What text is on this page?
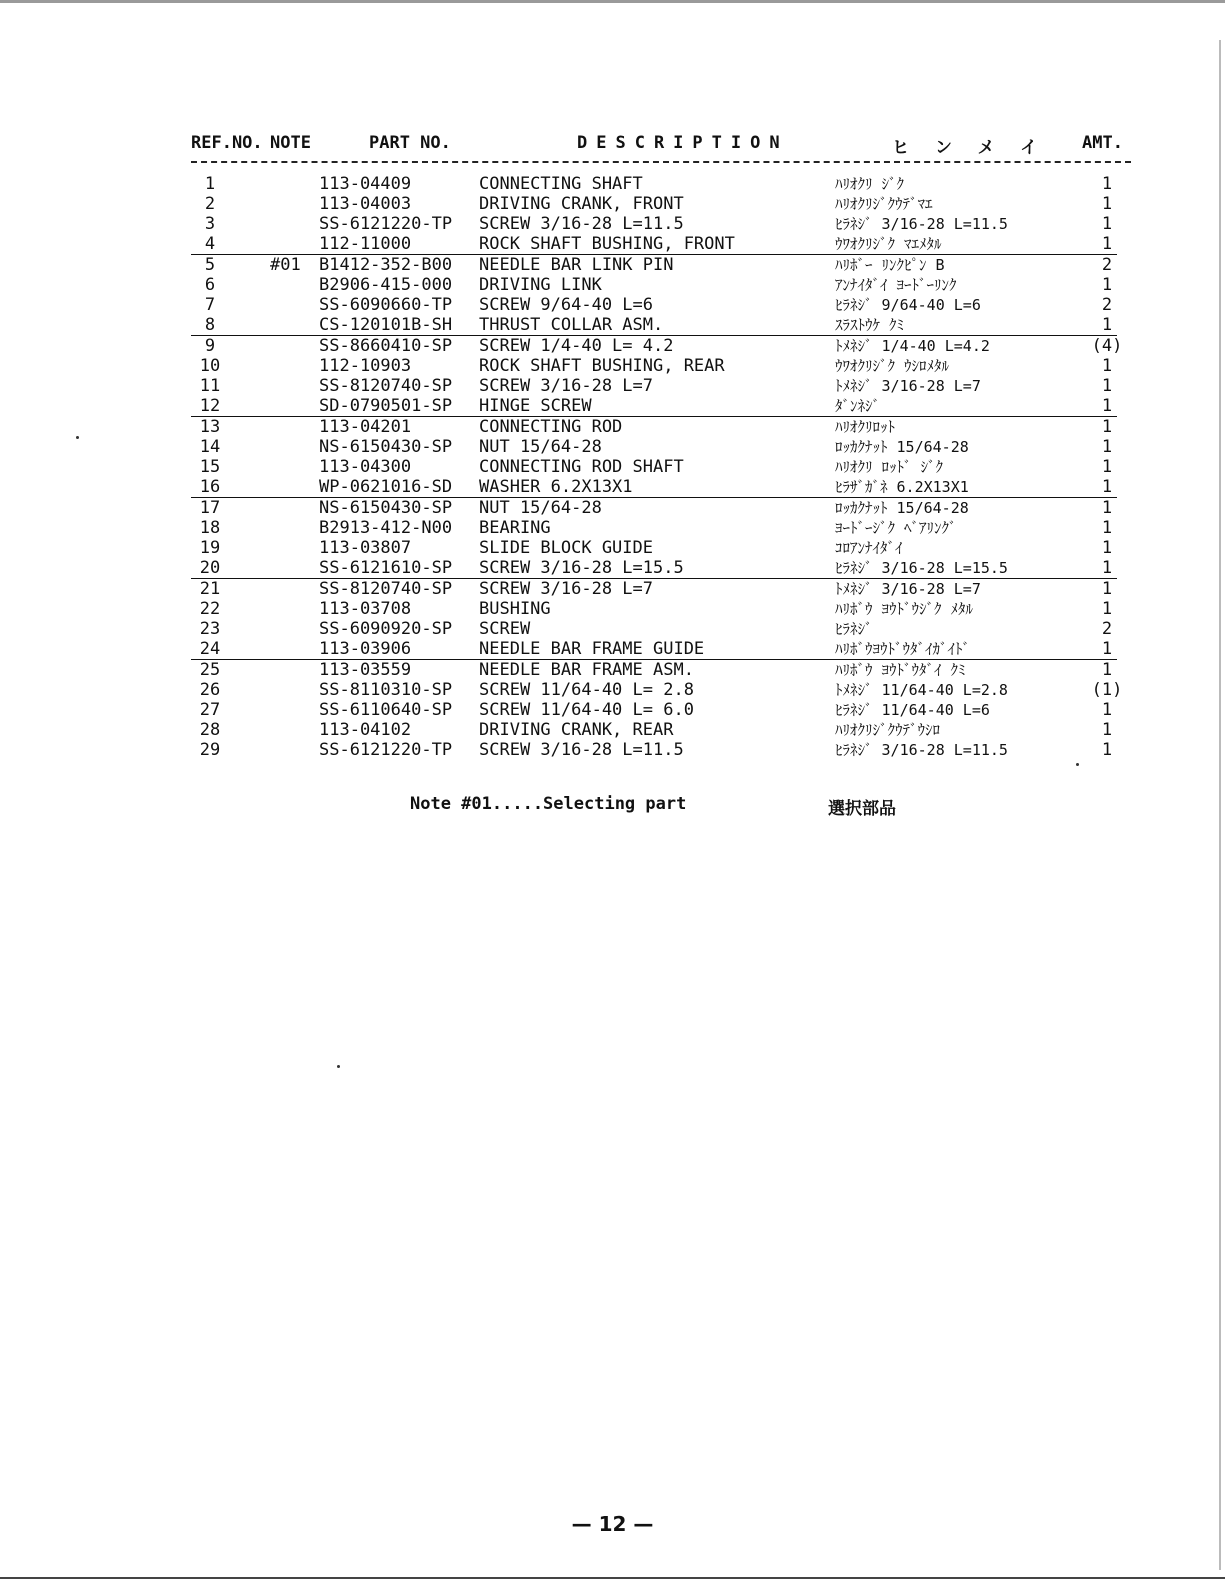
REF.NO. NOTE	PART NO.	DESCRIPTION	ヒンメイ AMT.
1	113-04409	CONNECTING SHAFT	ﾊﾘｵｸﾘ ｼﾞｸ	1
2	113-04003	DRIVING CRANK, FRONT	ﾊﾘｵｸﾘｼﾞｸｳﾃﾞﾏｴ	1
3	SS-6121220-TP SCREW 3/16-28 L=11.5	ﾋﾗﾈｼﾞ 3/16-28 L=11.5	1
4	112-11000	ROCK SHAFT BUSHING, FRONT	ｳﾜｵｸﾘｼﾞｸ ﾏｴﾒﾀﾙ	1
5	#01 B1412-352-B00 NEEDLE BAR LINK PIN	ﾊﾘﾎﾞｰ ﾘﾝｸﾋﾟﾝ B	2
6	B2906-415-000 DRIVING LINK	ｱﾝﾅｲﾀﾞｲ ﾖｰﾄﾞｰﾘﾝｸ	1
7	SS-6090660-TP SCREW 9/64-40 L=6	ﾋﾗﾈｼﾞ 9/64-40 L=6	2
8	CS-120101B-SH THRUST COLLAR ASM.	ｽﾗｽﾄｳｹ ｸﾐ	1
9	SS-8660410-SP SCREW 1/4-40 L= 4.2	ﾄﾒﾈｼﾞ 1/4-40 L=4.2	(4)
10	112-10903	ROCK SHAFT BUSHING, REAR	ｳﾜｵｸﾘｼﾞｸ ｳｼﾛﾒﾀﾙ	1
11	SS-8120740-SP SCREW 3/16-28 L=7	ﾄﾒﾈｼﾞ 3/16-28 L=7	1
12	SD-0790501-SP HINGE SCREW	ﾀﾞﾝﾈｼﾞ	1
13	113-04201	CONNECTING ROD	ﾊﾘｵｸﾘﾛｯﾄ	1
14	NS-6150430-SP NUT 15/64-28	ﾛｯｶｸﾅｯﾄ 15/64-28	1
15	113-04300	CONNECTING ROD SHAFT	ﾊﾘｵｸﾘ ﾛｯﾄﾞ ｼﾞｸ	1
16	WP-0621016-SD WASHER 6.2X13X1	ﾋﾗｻﾞｶﾞﾈ 6.2X13X1	1
17	NS-6150430-SP NUT 15/64-28	ﾛｯｶｸﾅｯﾄ 15/64-28	1
18	B2913-412-N00 BEARING	ﾖｰﾄﾞｰｼﾞｸ ﾍﾞｱﾘﾝｸﾞ	1
19	113-03807	SLIDE BLOCK GUIDE	ｺﾛｱﾝﾅｲﾀﾞｲ	1
20	SS-6121610-SP SCREW 3/16-28 L=15.5	ﾋﾗﾈｼﾞ 3/16-28 L=15.5	1
21	SS-8120740-SP SCREW 3/16-28 L=7	ﾄﾒﾈｼﾞ 3/16-28 L=7	1
22	113-03708	BUSHING	ﾊﾘﾎﾞｳ ﾖｳﾄﾞｳｼﾞｸ ﾒﾀﾙ	1
23	SS-6090920-SP SCREW	ﾋﾗﾈｼﾞ	2
24	113-03906	NEEDLE BAR FRAME GUIDE	ﾊﾘﾎﾞｳﾖｳﾄﾞｳﾀﾞｲｶﾞｲﾄﾞ	1
25	113-03559	NEEDLE BAR FRAME ASM.	ﾊﾘﾎﾞｳ ﾖｳﾄﾞｳﾀﾞｲ ｸﾐ	1
26	SS-8110310-SP SCREW 11/64-40 L= 2.8	ﾄﾒﾈｼﾞ 11/64-40 L=2.8	(1)
27	SS-6110640-SP SCREW 11/64-40 L= 6.0	ﾋﾗﾈｼﾞ 11/64-40 L=6	1
28	113-04102	DRIVING CRANK, REAR	ﾊﾘｵｸﾘｼﾞｸｳﾃﾞｳｼﾛ	1
29	SS-6121220-TP SCREW 3/16-28 L=11.5	ﾋﾗﾈｼﾞ 3/16-28 L=11.5	1
Note #01.....Selecting part	選択部品
— 12 —
